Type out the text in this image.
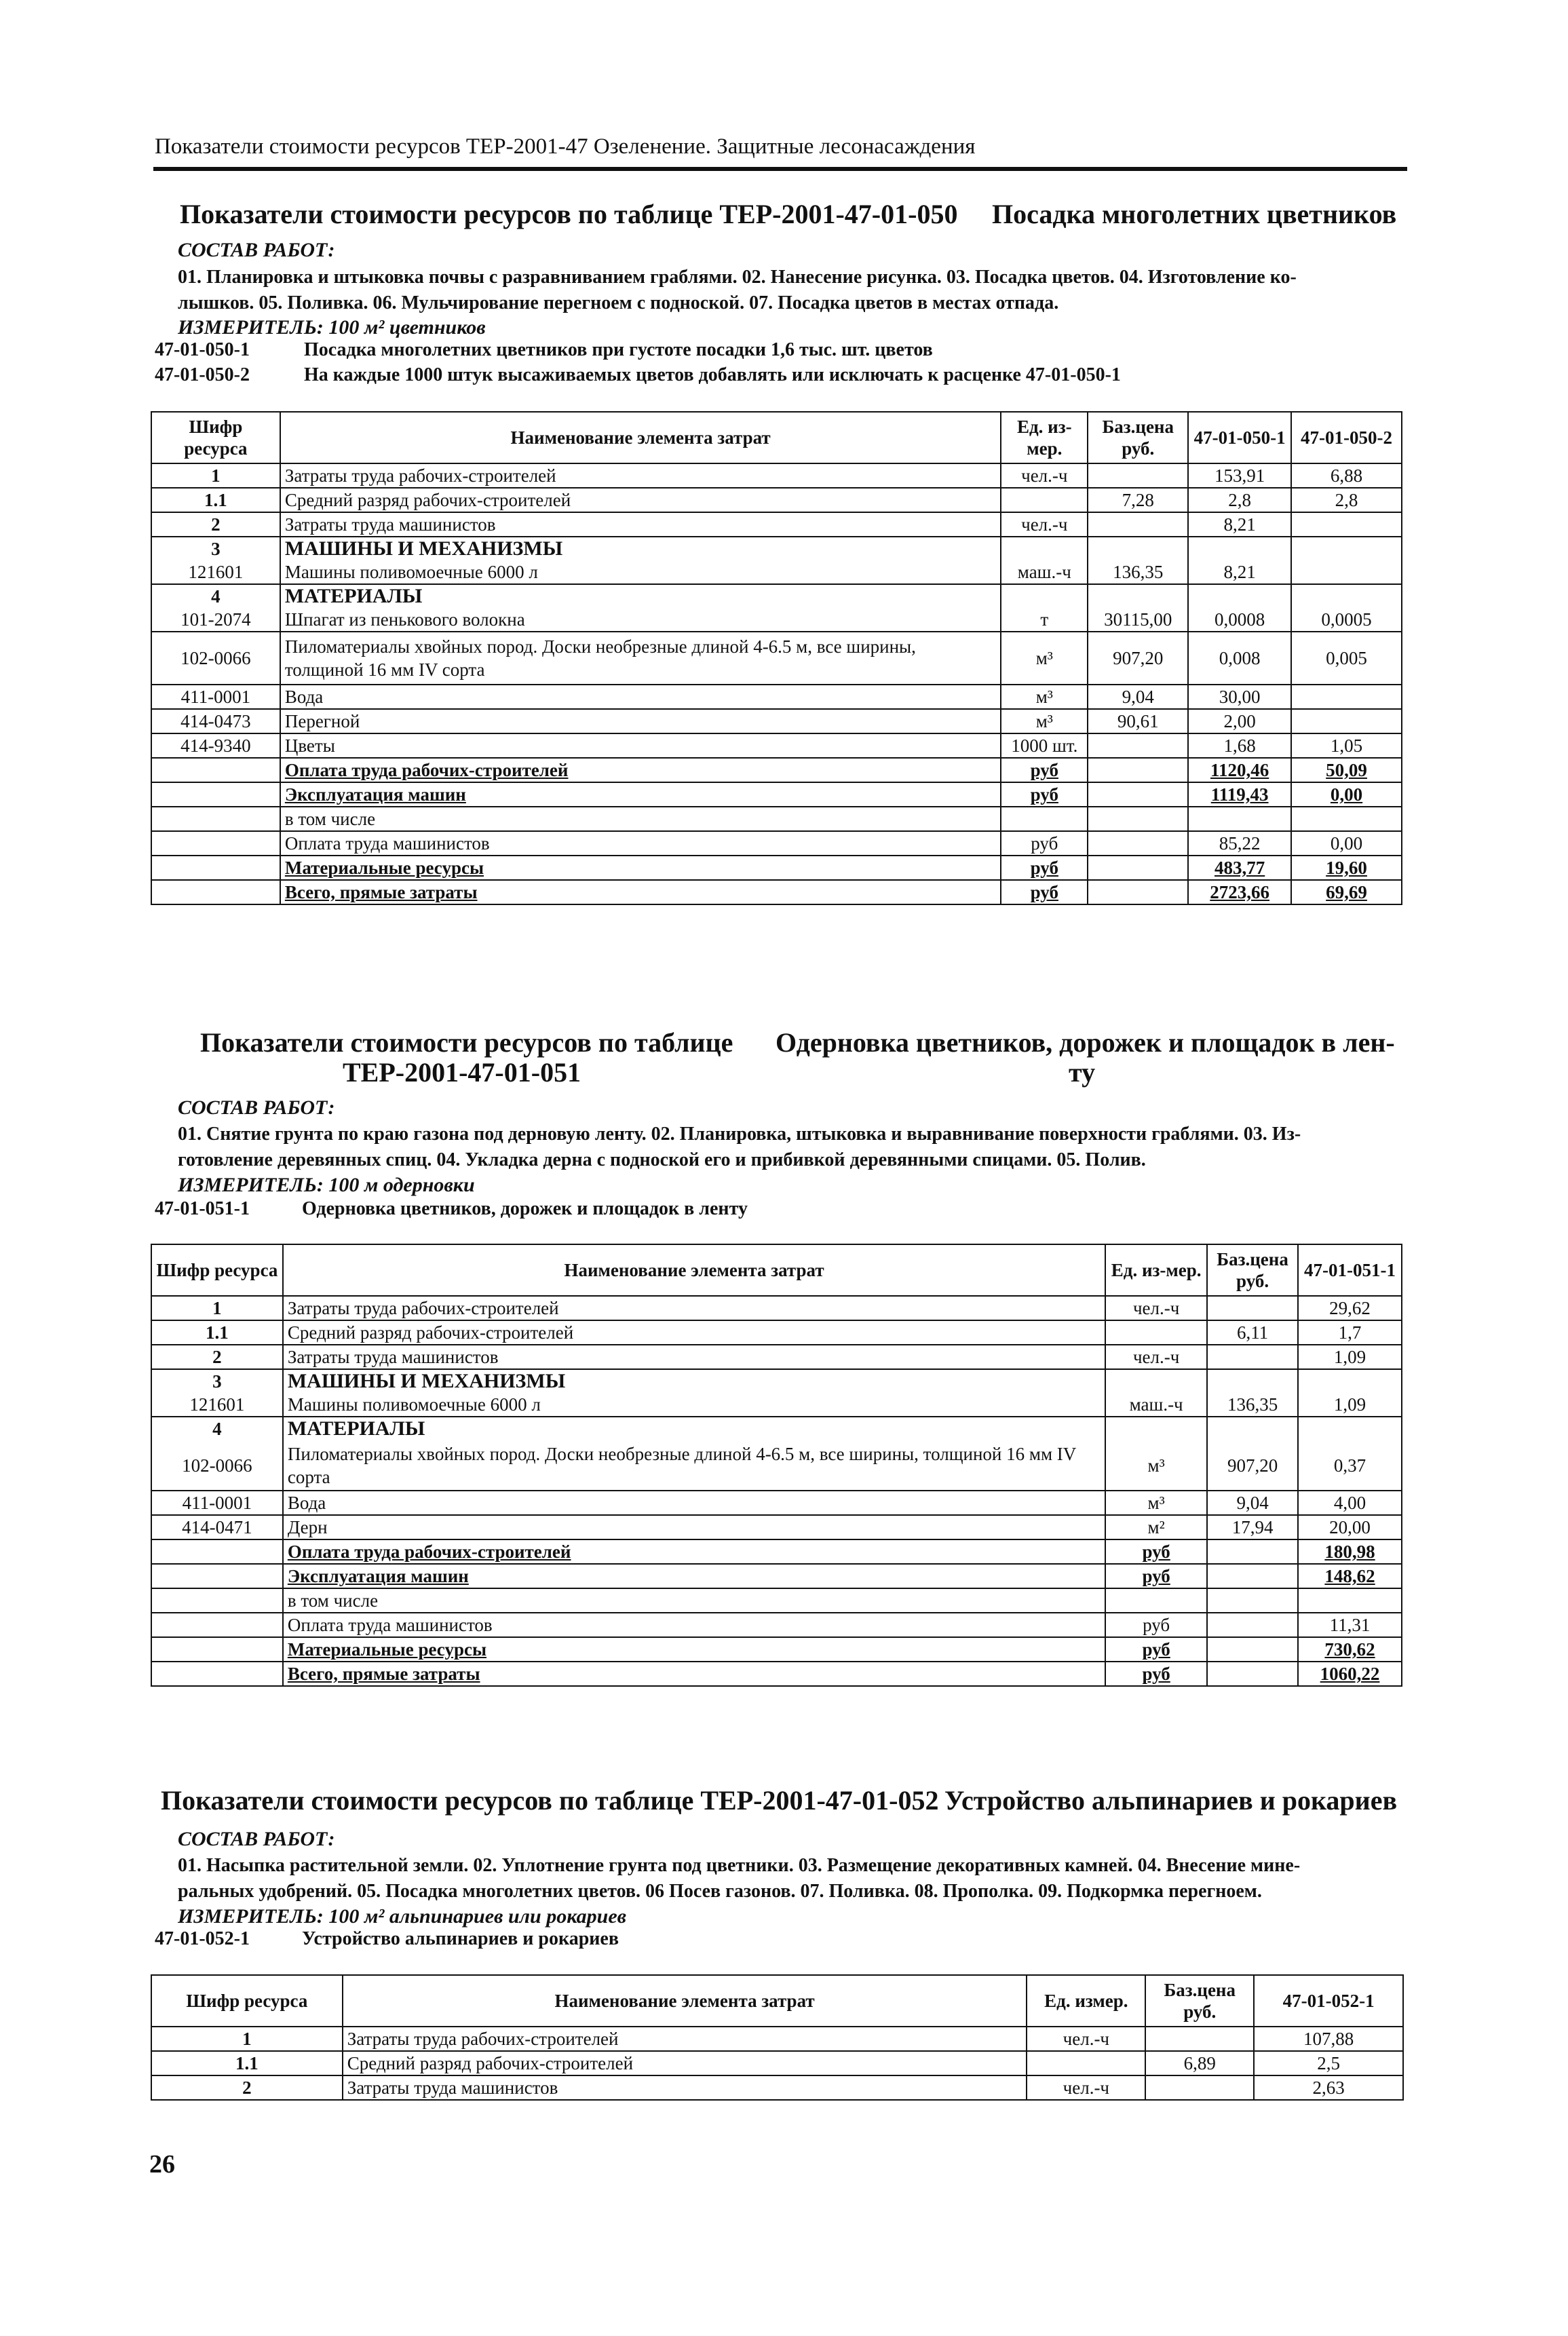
Показатели стоимости ресурсов ТЕР-2001-47 Озеленение. Защитные лесонасаждения
Показатели стоимости ресурсов по таблице ТЕР-2001-47-01-050 Посадка многолетних цветников
СОСТАВ РАБОТ:
01. Планировка и штыковка почвы с разравниванием граблями. 02. Нанесение рисунка. 03. Посадка цветов. 04. Изготовление ко-
лышков. 05. Поливка. 06. Мульчирование перегноем с подноской. 07. Посадка цветов в местах отпада.
ИЗМЕРИТЕЛЬ: 100 м² цветников
47-01-050-1	Посадка многолетних цветников при густоте посадки 1,6 тыс. шт. цветов
47-01-050-2	На каждые 1000 штук высаживаемых цветов добавлять или исключать к расценке 47-01-050-1
Шифр ресурса	Наименование элемента затрат	Ед. из-мер.	Баз.цена руб.	47-01-050-1	47-01-050-2
1	Затраты труда рабочих-строителей	чел.-ч		153,91	6,88
1.1	Средний разряд рабочих-строителей		7,28	2,8	2,8
2	Затраты труда машинистов	чел.-ч		8,21	
3	МАШИНЫ И МЕХАНИЗМЫ				
121601	Машины поливомоечные 6000 л	маш.-ч	136,35	8,21	
4	МАТЕРИАЛЫ				
101-2074	Шпагат из пенькового волокна	т	30115,00	0,0008	0,0005
102-0066	Пиломатериалы хвойных пород. Доски необрезные длиной 4-6.5 м, все ширины, толщиной 16 мм IV сорта	м³	907,20	0,008	0,005
411-0001	Вода	м³	9,04	30,00	
414-0473	Перегной	м³	90,61	2,00	
414-9340	Цветы	1000 шт.		1,68	1,05
	Оплата труда рабочих-строителей	руб		1120,46	50,09
	Эксплуатация машин	руб		1119,43	0,00
	в том числе				
	Оплата труда машинистов	руб		85,22	0,00
	Материальные ресурсы	руб		483,77	19,60
	Всего, прямые затраты	руб		2723,66	69,69
Показатели стоимости ресурсов по таблице
ТЕР-2001-47-01-051
Одерновка цветников, дорожек и площадок в лен-
ту
СОСТАВ РАБОТ:
01. Снятие грунта по краю газона под дерновую ленту. 02. Планировка, штыковка и выравнивание поверхности граблями. 03. Из-
готовление деревянных спиц. 04. Укладка дерна с подноской его и прибивкой деревянными спицами. 05. Полив.
ИЗМЕРИТЕЛЬ: 100 м одерновки
47-01-051-1	Одерновка цветников, дорожек и площадок в ленту
Шифр ресурса	Наименование элемента затрат	Ед. из-мер.	Баз.цена руб.	47-01-051-1
1	Затраты труда рабочих-строителей	чел.-ч		29,62
1.1	Средний разряд рабочих-строителей		6,11	1,7
2	Затраты труда машинистов	чел.-ч		1,09
3	МАШИНЫ И МЕХАНИЗМЫ			
121601	Машины поливомоечные 6000 л	маш.-ч	136,35	1,09
4	МАТЕРИАЛЫ			
102-0066	Пиломатериалы хвойных пород. Доски необрезные длиной 4-6.5 м, все ширины, толщиной 16 мм IV сорта	м³	907,20	0,37
411-0001	Вода	м³	9,04	4,00
414-0471	Дерн	м²	17,94	20,00
	Оплата труда рабочих-строителей	руб		180,98
	Эксплуатация машин	руб		148,62
	в том числе			
	Оплата труда машинистов	руб		11,31
	Материальные ресурсы	руб		730,62
	Всего, прямые затраты	руб		1060,22
Показатели стоимости ресурсов по таблице ТЕР-2001-47-01-052 Устройство альпинариев и рокариев
СОСТАВ РАБОТ:
01. Насыпка растительной земли. 02. Уплотнение грунта под цветники. 03. Размещение декоративных камней. 04. Внесение мине-
ральных удобрений. 05. Посадка многолетних цветов. 06 Посев газонов. 07. Поливка. 08. Прополка. 09. Подкормка перегноем.
ИЗМЕРИТЕЛЬ: 100 м² альпинариев или рокариев
47-01-052-1	Устройство альпинариев и рокариев
Шифр ресурса	Наименование элемента затрат	Ед. измер.	Баз.цена руб.	47-01-052-1
1	Затраты труда рабочих-строителей	чел.-ч		107,88
1.1	Средний разряд рабочих-строителей		6,89	2,5
2	Затраты труда машинистов	чел.-ч		2,63
26
